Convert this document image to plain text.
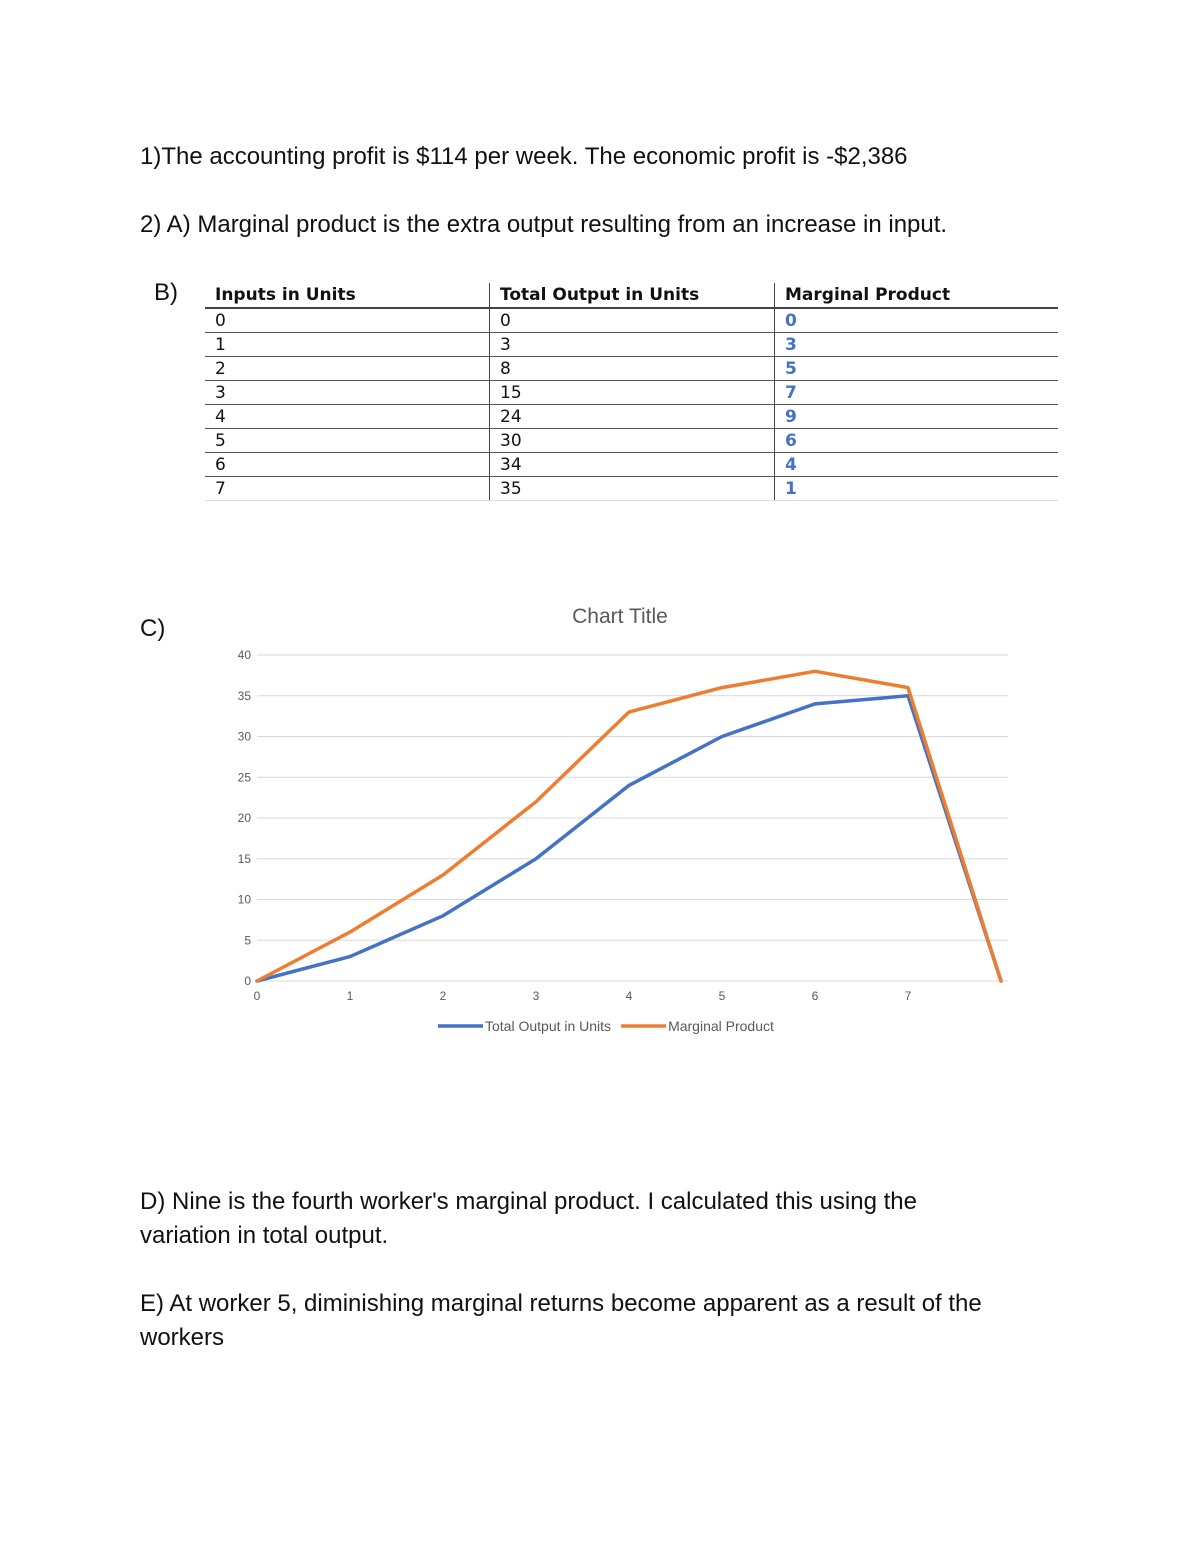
1)The accounting profit is $114 per week. The economic profit is -$2,386

2) A) Marginal product is the extra output resulting from an increase in input.

B) Inputs in Units	Total Output in Units	Marginal Product
0	0	0
1	3	3
2	8	5
3	15	7
4	24	9
5	30	6
6	34	4
7	35	1
C)	Chart Title
0
5
10
15
20
25
30
35
40
0	1	2	3	4	5	6	7
Total Output in Units	Marginal Product

D) Nine is the fourth worker's marginal product. I calculated this using the variation in total output.

E) At worker 5, diminishing marginal returns become apparent as a result of the workers
